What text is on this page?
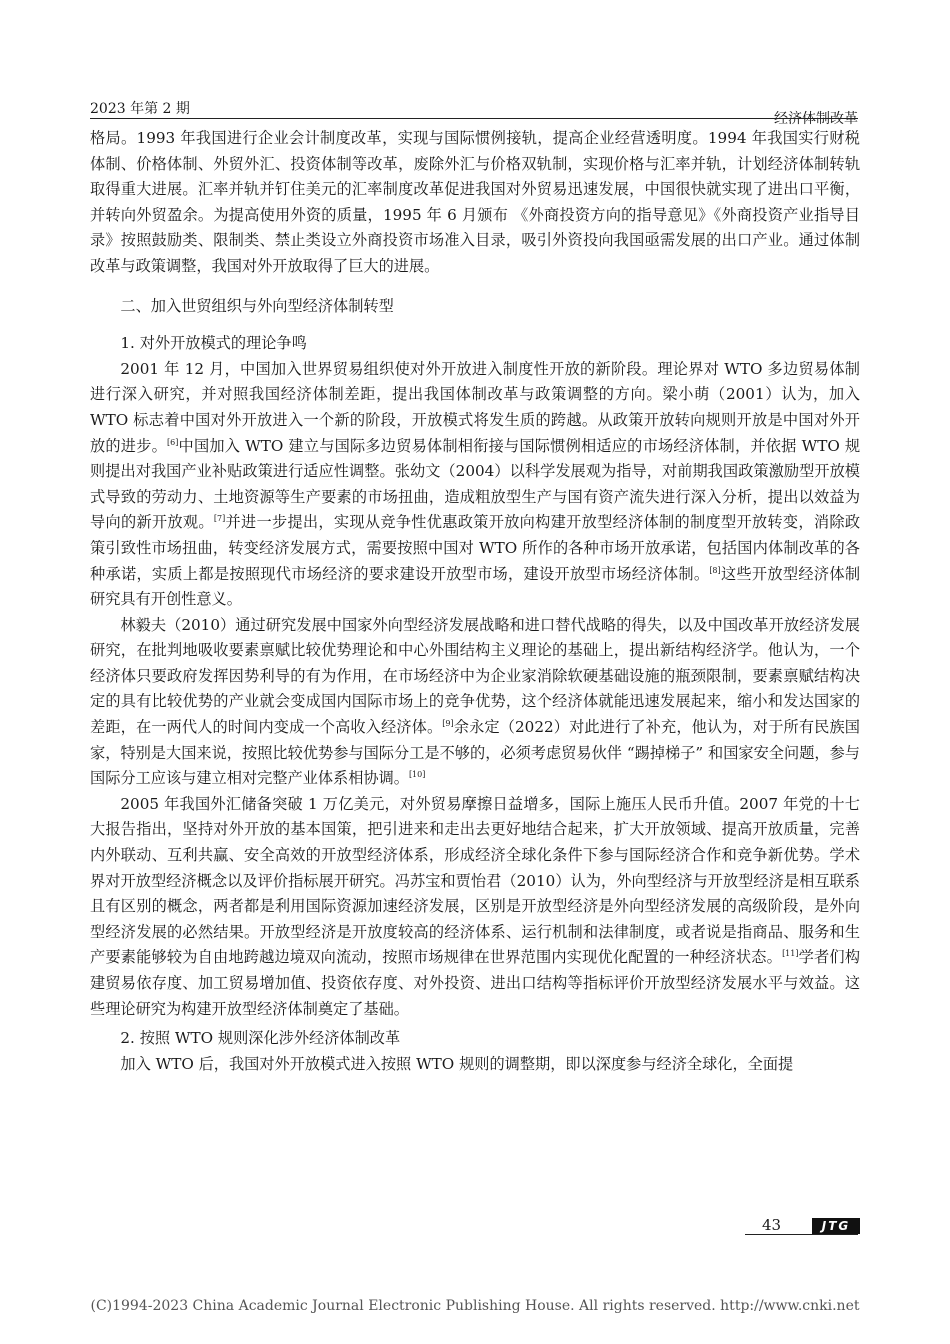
2023 年第 2 期
经济体制改革

格局。1993 年我国进行企业会计制度改革，实现与国际惯例接轨，提高企业经营透明度。1994 年我国实行财税体制、价格体制、外贸外汇、投资体制等改革，废除外汇与价格双轨制，实现价格与汇率并轨，计划经济体制转轨取得重大进展。汇率并轨并钉住美元的汇率制度改革促进我国对外贸易迅速发展，中国很快就实现了进出口平衡，并转向外贸盈余。为提高使用外资的质量，1995 年 6 月颁布 《外商投资方向的指导意见》《外商投资产业指导目录》按照鼓励类、限制类、禁止类设立外商投资市场准入目录，吸引外资投向我国亟需发展的出口产业。通过体制改革与政策调整，我国对外开放取得了巨大的进展。

二、加入世贸组织与外向型经济体制转型
1. 对外开放模式的理论争鸣

2001 年 12 月，中国加入世界贸易组织使对外开放进入制度性开放的新阶段。理论界对 WTO 多边贸易体制进行深入研究，并对照我国经济体制差距，提出我国体制改革与政策调整的方向。梁小萌（2001）认为，加入 WTO 标志着中国对外开放进入一个新的阶段，开放模式将发生质的跨越。从政策开放转向规则开放是中国对外开放的进步。[6]中国加入 WTO 建立与国际多边贸易体制相衔接与国际惯例相适应的市场经济体制，并依据 WTO 规则提出对我国产业补贴政策进行适应性调整。张幼文（2004）以科学发展观为指导，对前期我国政策激励型开放模式导致的劳动力、土地资源等生产要素的市场扭曲，造成粗放型生产与国有资产流失进行深入分析，提出以效益为导向的新开放观。[7]并进一步提出，实现从竞争性优惠政策开放向构建开放型经济体制的制度型开放转变，消除政策引致性市场扭曲，转变经济发展方式，需要按照中国对 WTO 所作的各种市场开放承诺，包括国内体制改革的各种承诺，实质上都是按照现代市场经济的要求建设开放型市场，建设开放型市场经济体制。[8]这些开放型经济体制研究具有开创性意义。

林毅夫（2010）通过研究发展中国家外向型经济发展战略和进口替代战略的得失，以及中国改革开放经济发展研究，在批判地吸收要素禀赋比较优势理论和中心外围结构主义理论的基础上，提出新结构经济学。他认为，一个经济体只要政府发挥因势利导的有为作用，在市场经济中为企业家消除软硬基础设施的瓶颈限制，要素禀赋结构决定的具有比较优势的产业就会变成国内国际市场上的竞争优势，这个经济体就能迅速发展起来，缩小和发达国家的差距，在一两代人的时间内变成一个高收入经济体。[9]余永定（2022）对此进行了补充，他认为，对于所有民族国家，特别是大国来说，按照比较优势参与国际分工是不够的，必须考虑贸易伙伴 “踢掉梯子” 和国家安全问题，参与国际分工应该与建立相对完整产业体系相协调。[10]

2005 年我国外汇储备突破 1 万亿美元，对外贸易摩擦日益增多，国际上施压人民币升值。2007 年党的十七大报告指出，坚持对外开放的基本国策，把引进来和走出去更好地结合起来，扩大开放领域、提高开放质量，完善内外联动、互利共赢、安全高效的开放型经济体系，形成经济全球化条件下参与国际经济合作和竞争新优势。学术界对开放型经济概念以及评价指标展开研究。冯苏宝和贾怡君（2010）认为，外向型经济与开放型经济是相互联系且有区别的概念，两者都是利用国际资源加速经济发展，区别是开放型经济是外向型经济发展的高级阶段，是外向型经济发展的必然结果。开放型经济是开放度较高的经济体系、运行机制和法律制度，或者说是指商品、服务和生产要素能够较为自由地跨越边境双向流动，按照市场规律在世界范围内实现优化配置的一种经济状态。[11]学者们构建贸易依存度、加工贸易增加值、投资依存度、对外投资、进出口结构等指标评价开放型经济发展水平与效益。这些理论研究为构建开放型经济体制奠定了基础。

2. 按照 WTO 规则深化涉外经济体制改革

加入 WTO 后，我国对外开放模式进入按照 WTO 规则的调整期，即以深度参与经济全球化，全面提

43	JTG
(C)1994-2023 China Academic Journal Electronic Publishing House. All rights reserved. http://www.cnki.net
